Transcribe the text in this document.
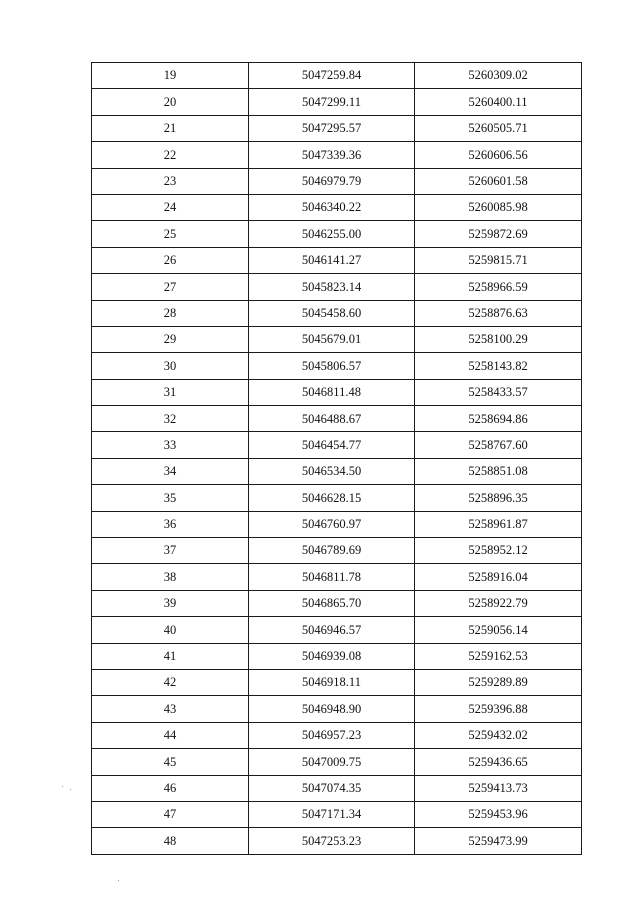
19	5047259.84	5260309.02
20	5047299.11	5260400.11
21	5047295.57	5260505.71
22	5047339.36	5260606.56
23	5046979.79	5260601.58
24	5046340.22	5260085.98
25	5046255.00	5259872.69
26	5046141.27	5259815.71
27	5045823.14	5258966.59
28	5045458.60	5258876.63
29	5045679.01	5258100.29
30	5045806.57	5258143.82
31	5046811.48	5258433.57
32	5046488.67	5258694.86
33	5046454.77	5258767.60
34	5046534.50	5258851.08
35	5046628.15	5258896.35
36	5046760.97	5258961.87
37	5046789.69	5258952.12
38	5046811.78	5258916.04
39	5046865.70	5258922.79
40	5046946.57	5259056.14
41	5046939.08	5259162.53
42	5046918.11	5259289.89
43	5046948.90	5259396.88
44	5046957.23	5259432.02
45	5047009.75	5259436.65
46	5047074.35	5259413.73
47	5047171.34	5259453.96
48	5047253.23	5259473.99
